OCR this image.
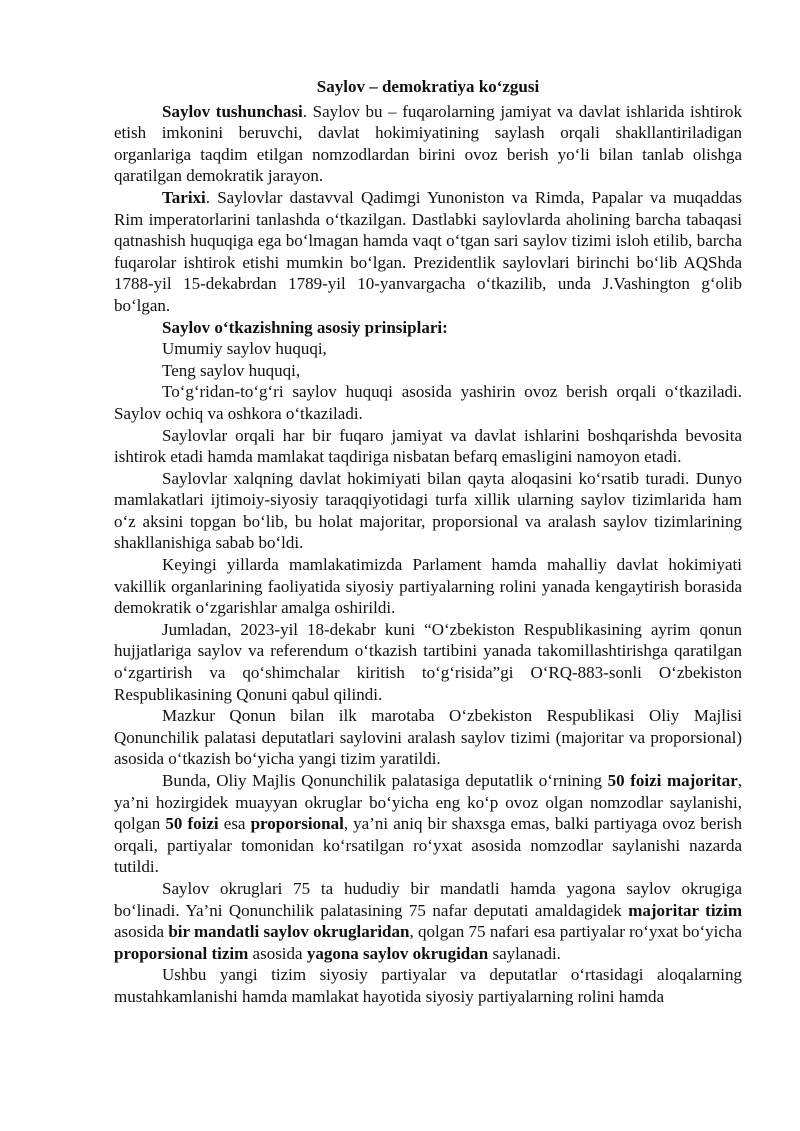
Saylov – demokratiya ko‘zgusi

Saylov tushunchasi. Saylov bu – fuqarolarning jamiyat va davlat ishlarida ishtirok etish imkonini beruvchi, davlat hokimiyatining saylash orqali shakllantiriladigan organlariga taqdim etilgan nomzodlardan birini ovoz berish yo‘li bilan tanlab olishga qaratilgan demokratik jarayon.

Tarixi. Saylovlar dastavval Qadimgi Yunoniston va Rimda, Papalar va muqaddas Rim imperatorlarini tanlashda o‘tkazilgan. Dastlabki saylovlarda aholining barcha tabaqasi qatnashish huquqiga ega bo‘lmagan hamda vaqt o‘tgan sari saylov tizimi isloh etilib, barcha fuqarolar ishtirok etishi mumkin bo‘lgan. Prezidentlik saylovlari birinchi bo‘lib AQShda 1788-yil 15-dekabrdan 1789-yil 10-yanvargacha o‘tkazilib, unda J.Vashington g‘olib bo‘lgan.

Saylov o‘tkazishning asosiy prinsiplari:

Umumiy saylov huquqi,

Teng saylov huquqi,

To‘g‘ridan-to‘g‘ri saylov huquqi asosida yashirin ovoz berish orqali o‘tkaziladi. Saylov ochiq va oshkora o‘tkaziladi.

Saylovlar orqali har bir fuqaro jamiyat va davlat ishlarini boshqarishda bevosita ishtirok etadi hamda mamlakat taqdiriga nisbatan befarq emasligini namoyon etadi.

Saylovlar xalqning davlat hokimiyati bilan qayta aloqasini ko‘rsatib turadi. Dunyo mamlakatlari ijtimoiy-siyosiy taraqqiyotidagi turfa xillik ularning saylov tizimlarida ham o‘z aksini topgan bo‘lib, bu holat majoritar, proporsional va aralash saylov tizimlarining shakllanishiga sabab bo‘ldi.

Keyingi yillarda mamlakatimizda Parlament hamda mahalliy davlat hokimiyati vakillik organlarining faoliyatida siyosiy partiyalarning rolini yanada kengaytirish borasida demokratik o‘zgarishlar amalga oshirildi.

Jumladan, 2023-yil 18-dekabr kuni “O‘zbekiston Respublikasining ayrim qonun hujjatlariga saylov va referendum o‘tkazish tartibini yanada takomillashtirishga qaratilgan o‘zgartirish va qo‘shimchalar kiritish to‘g‘risida”gi O‘RQ-883-sonli O‘zbekiston Respublikasining Qonuni qabul qilindi.

Mazkur Qonun bilan ilk marotaba O‘zbekiston Respublikasi Oliy Majlisi Qonunchilik palatasi deputatlari saylovini aralash saylov tizimi (majoritar va proporsional) asosida o‘tkazish bo‘yicha yangi tizim yaratildi.

Bunda, Oliy Majlis Qonunchilik palatasiga deputatlik o‘rnining 50 foizi majoritar, ya’ni hozirgidek muayyan okruglar bo‘yicha eng ko‘p ovoz olgan nomzodlar saylanishi, qolgan 50 foizi esa proporsional, ya’ni aniq bir shaxsga emas, balki partiyaga ovoz berish orqali, partiyalar tomonidan ko‘rsatilgan ro‘yxat asosida nomzodlar saylanishi nazarda tutildi.

Saylov okruglari 75 ta hududiy bir mandatli hamda yagona saylov okrugiga bo‘linadi. Ya’ni Qonunchilik palatasining 75 nafar deputati amaldagidek majoritar tizim asosida bir mandatli saylov okruglaridan, qolgan 75 nafari esa partiyalar ro‘yxat bo‘yicha proporsional tizim asosida yagona saylov okrugidan saylanadi.

Ushbu yangi tizim siyosiy partiyalar va deputatlar o‘rtasidagi aloqalarning mustahkamlanishi hamda mamlakat hayotida siyosiy partiyalarning rolini hamda
